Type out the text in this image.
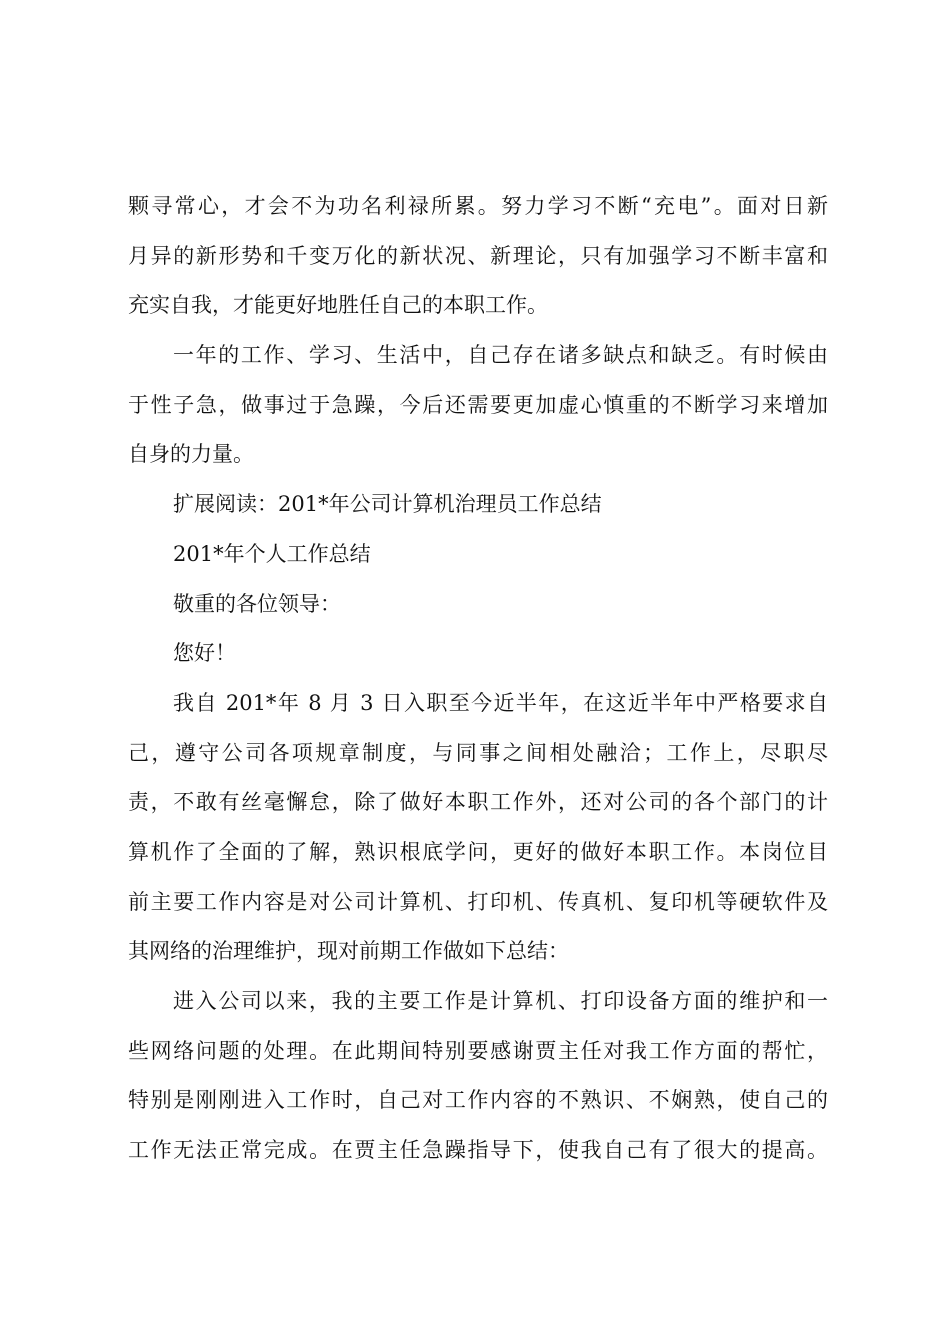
颗寻常心，才会不为功名利禄所累。努力学习不断“充电”。面对日新
月异的新形势和千变万化的新状况、新理论，只有加强学习不断丰富和
充实自我，才能更好地胜任自己的本职工作。
一年的工作、学习、生活中，自己存在诸多缺点和缺乏。有时候由
于性子急，做事过于急躁，今后还需要更加虚心慎重的不断学习来增加
自身的力量。
扩展阅读：201*年公司计算机治理员工作总结
201*年个人工作总结
敬重的各位领导：
您好！
我自 201*年 8 月 3 日入职至今近半年，在这近半年中严格要求自
己，遵守公司各项规章制度，与同事之间相处融洽；工作上，尽职尽
责，不敢有丝毫懈怠，除了做好本职工作外，还对公司的各个部门的计
算机作了全面的了解，熟识根底学问，更好的做好本职工作。本岗位目
前主要工作内容是对公司计算机、打印机、传真机、复印机等硬软件及
其网络的治理维护，现对前期工作做如下总结：
进入公司以来，我的主要工作是计算机、打印设备方面的维护和一
些网络问题的处理。在此期间特别要感谢贾主任对我工作方面的帮忙，
特别是刚刚进入工作时，自己对工作内容的不熟识、不娴熟，使自己的
工作无法正常完成。在贾主任急躁指导下，使我自己有了很大的提高。
